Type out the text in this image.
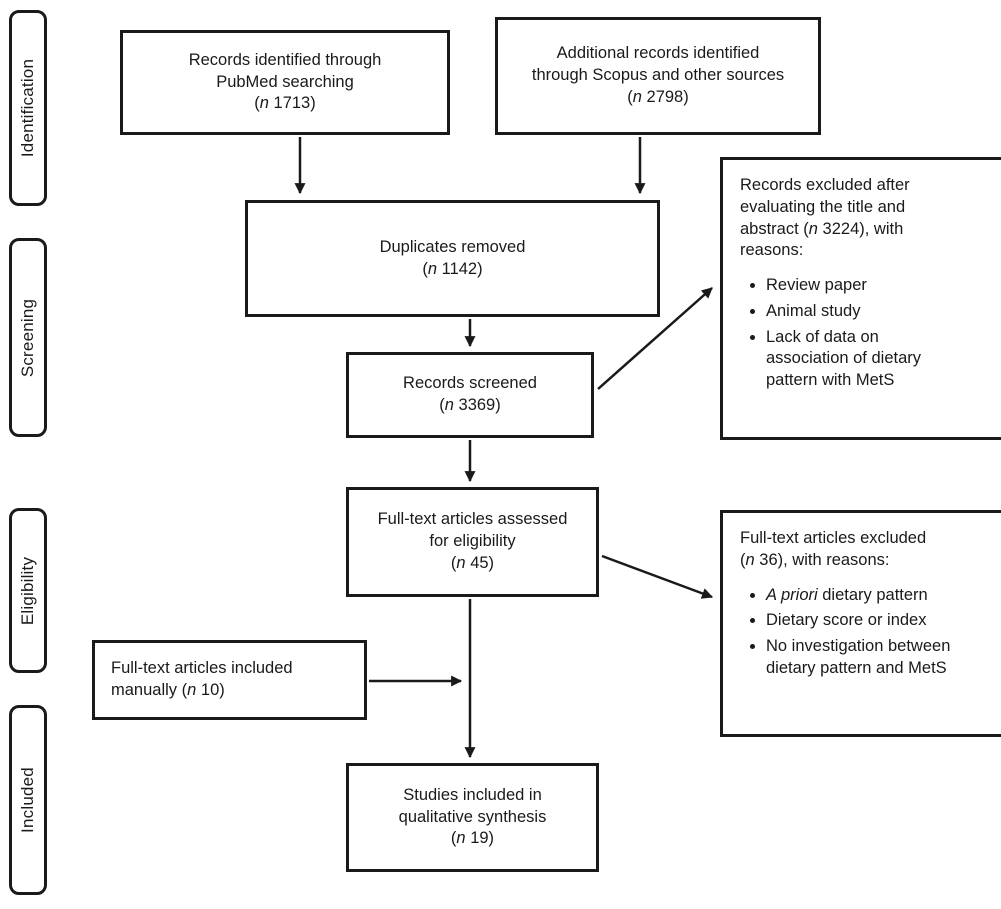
Identification
Screening
Eligibility
Included
Records identified through
PubMed searching
(n 1713)
Additional records identified
through Scopus and other sources
(n 2798)
Duplicates removed
(n 1142)
Records screened
(n 3369)
Records excluded after
evaluating the title and
abstract (n 3224), with
reasons:
• Review paper
• Animal study
• Lack of data on
association of dietary
pattern with MetS
Full-text articles assessed
for eligibility
(n 45)
Full-text articles excluded
(n 36), with reasons:
• A priori dietary pattern
• Dietary score or index
• No investigation between
dietary pattern and MetS
Full-text articles included
manually (n 10)
Studies included in
qualitative synthesis
(n 19)
